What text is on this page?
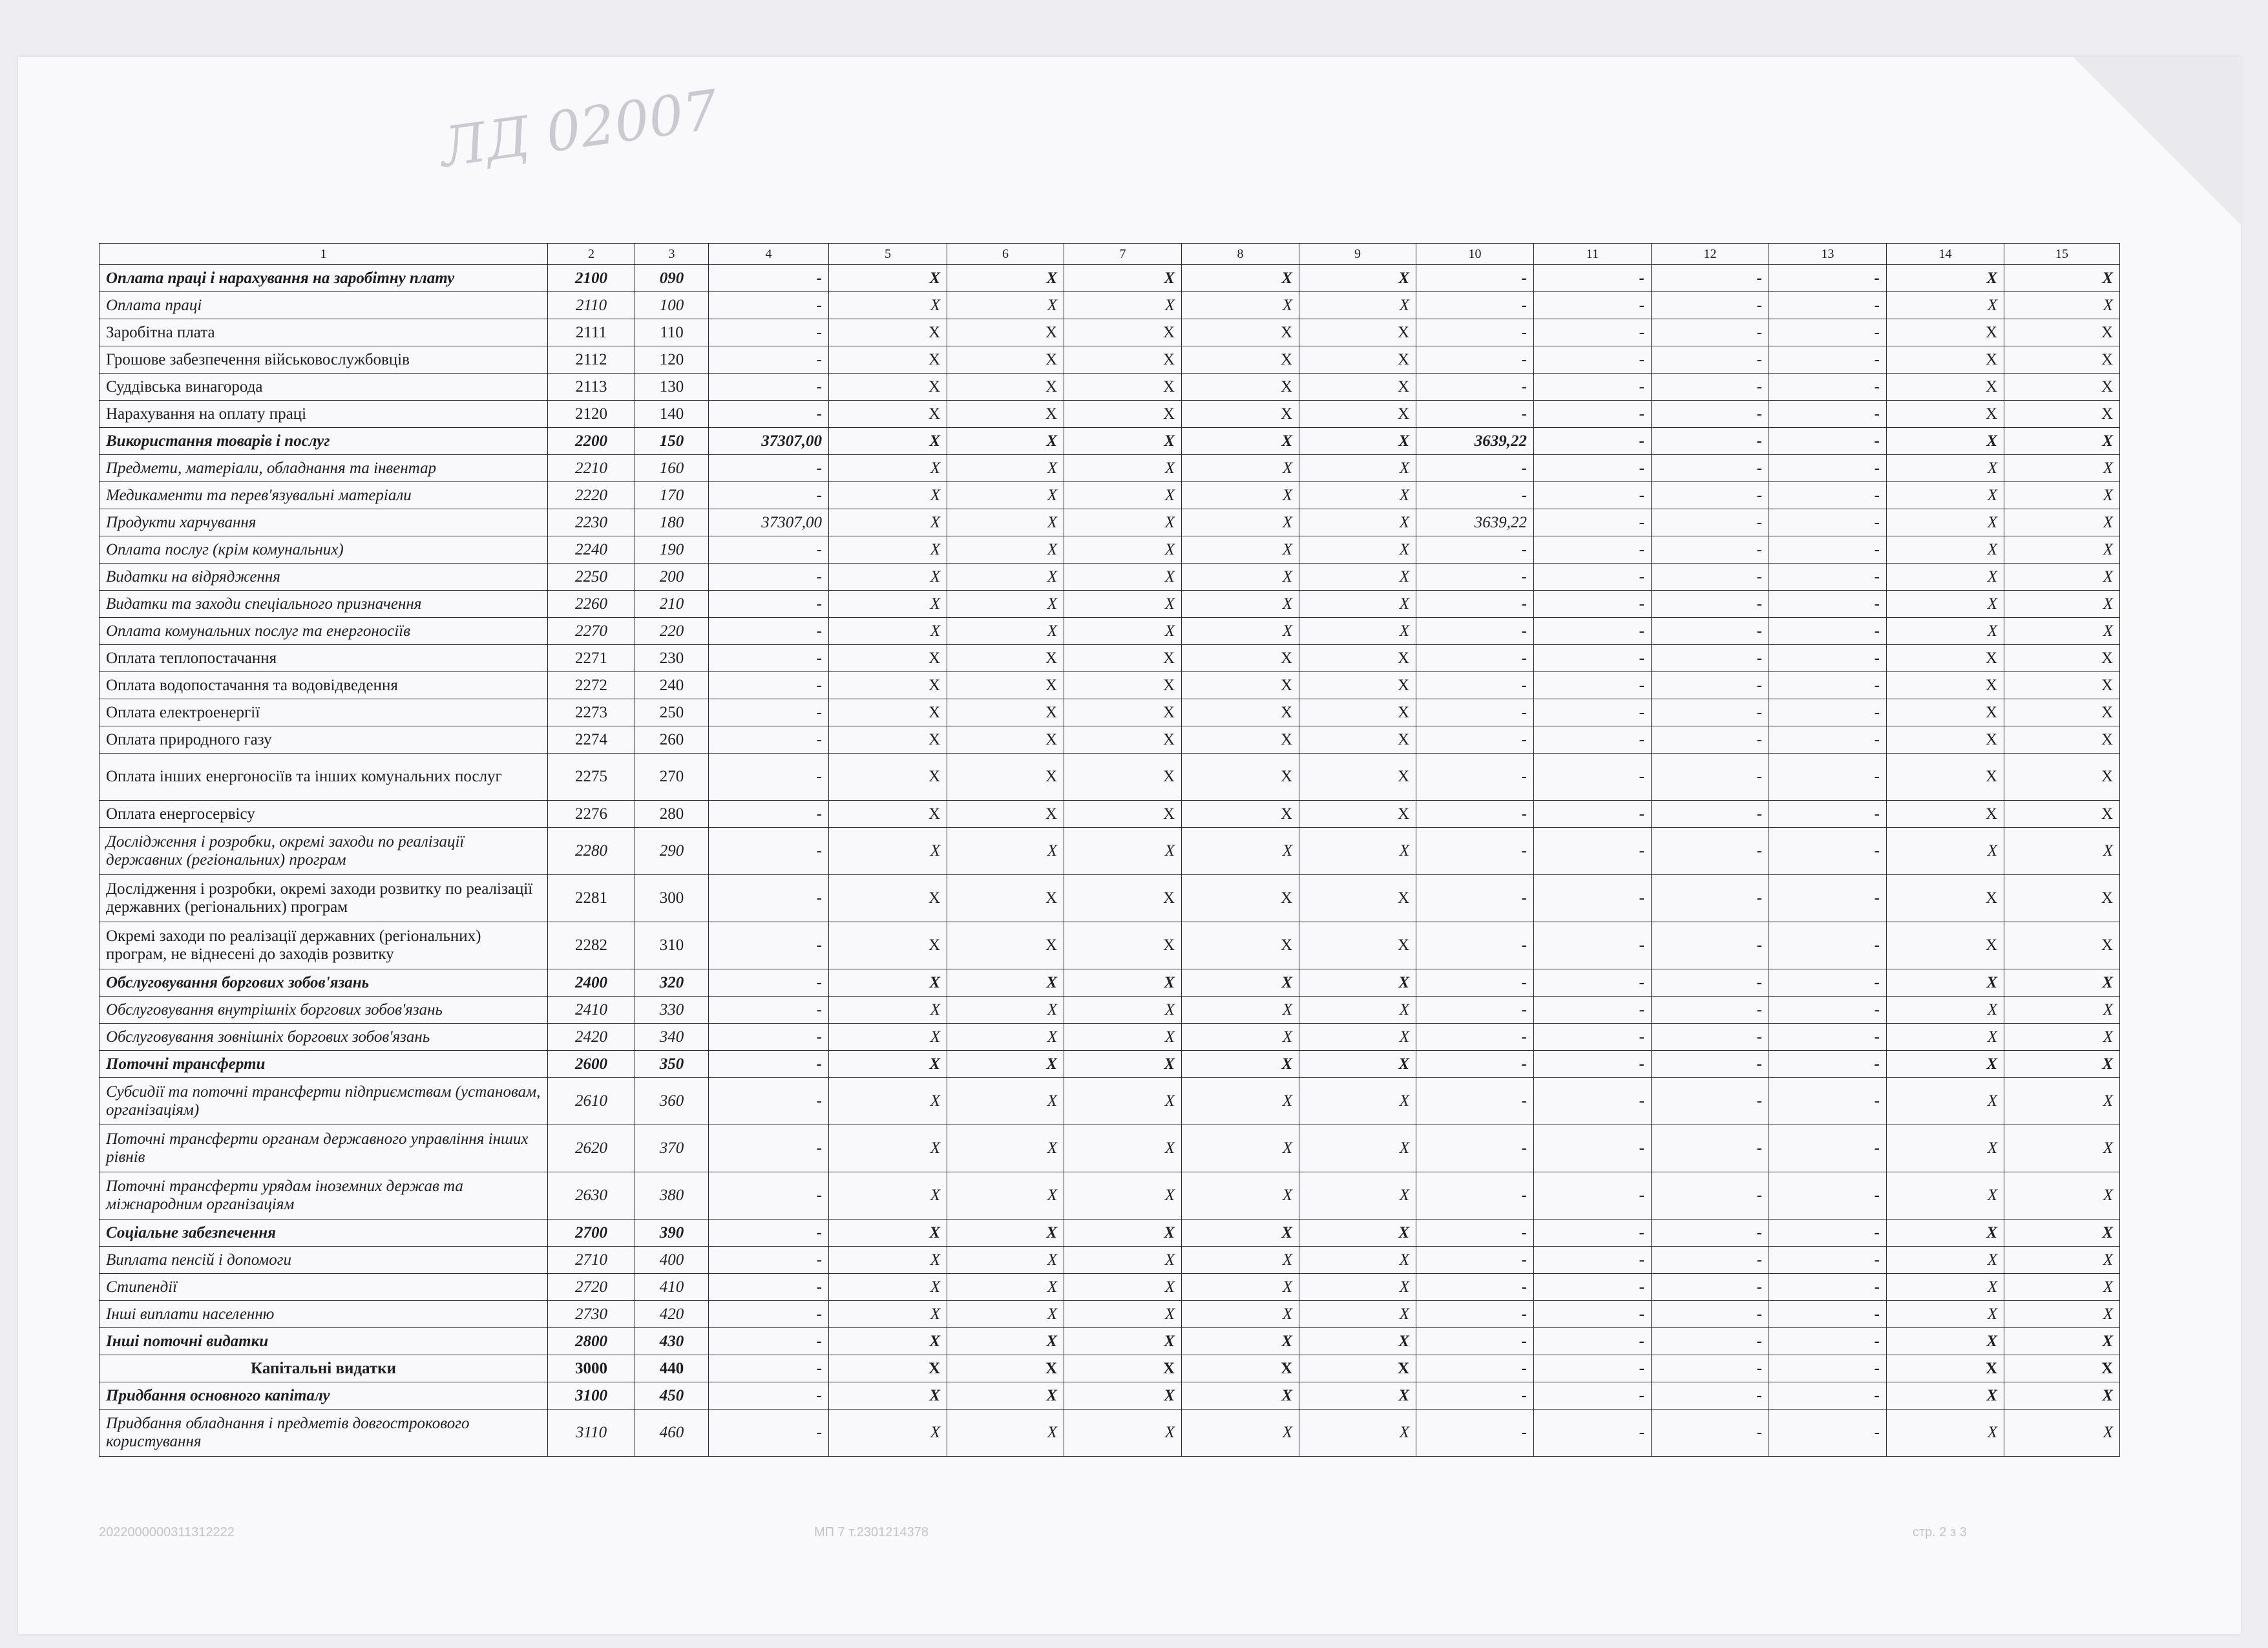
ЛД 02007
1	2	3	4	5	6	7	8	9	10	11	12	13	14	15
Оплата праці і нарахування на заробітну плату	2100	090	-	X	X	X	X	X	-	-	-	-	X	X
Оплата праці	2110	100	-	X	X	X	X	X	-	-	-	-	X	X
Заробітна плата	2111	110	-	X	X	X	X	X	-	-	-	-	X	X
Грошове забезпечення військовослужбовців	2112	120	-	X	X	X	X	X	-	-	-	-	X	X
Суддівська винагорода	2113	130	-	X	X	X	X	X	-	-	-	-	X	X
Нарахування на оплату праці	2120	140	-	X	X	X	X	X	-	-	-	-	X	X
Використання товарів і послуг	2200	150	37307,00	X	X	X	X	X	3639,22	-	-	-	X	X
Предмети, матеріали, обладнання та інвентар	2210	160	-	X	X	X	X	X	-	-	-	-	X	X
Медикаменти та перев'язувальні матеріали	2220	170	-	X	X	X	X	X	-	-	-	-	X	X
Продукти харчування	2230	180	37307,00	X	X	X	X	X	3639,22	-	-	-	X	X
Оплата послуг (крім комунальних)	2240	190	-	X	X	X	X	X	-	-	-	-	X	X
Видатки на відрядження	2250	200	-	X	X	X	X	X	-	-	-	-	X	X
Видатки та заходи спеціального призначення	2260	210	-	X	X	X	X	X	-	-	-	-	X	X
Оплата комунальних послуг та енергоносіїв	2270	220	-	X	X	X	X	X	-	-	-	-	X	X
Оплата теплопостачання	2271	230	-	X	X	X	X	X	-	-	-	-	X	X
Оплата водопостачання та водовідведення	2272	240	-	X	X	X	X	X	-	-	-	-	X	X
Оплата електроенергії	2273	250	-	X	X	X	X	X	-	-	-	-	X	X
Оплата природного газу	2274	260	-	X	X	X	X	X	-	-	-	-	X	X
Оплата інших енергоносіїв та інших комунальних послуг	2275	270	-	X	X	X	X	X	-	-	-	-	X	X
Оплата енергосервісу	2276	280	-	X	X	X	X	X	-	-	-	-	X	X
Дослідження і розробки, окремі заходи по реалізації державних (регіональних) програм	2280	290	-	X	X	X	X	X	-	-	-	-	X	X
Дослідження і розробки, окремі заходи розвитку по реалізації державних (регіональних) програм	2281	300	-	X	X	X	X	X	-	-	-	-	X	X
Окремі заходи по реалізації державних (регіональних) програм, не віднесені до заходів розвитку	2282	310	-	X	X	X	X	X	-	-	-	-	X	X
Обслуговування боргових зобов'язань	2400	320	-	X	X	X	X	X	-	-	-	-	X	X
Обслуговування внутрішніх боргових зобов'язань	2410	330	-	X	X	X	X	X	-	-	-	-	X	X
Обслуговування зовнішніх боргових зобов'язань	2420	340	-	X	X	X	X	X	-	-	-	-	X	X
Поточні трансферти	2600	350	-	X	X	X	X	X	-	-	-	-	X	X
Субсидії та поточні трансферти підприємствам (установам, організаціям)	2610	360	-	X	X	X	X	X	-	-	-	-	X	X
Поточні трансферти органам державного управління інших рівнів	2620	370	-	X	X	X	X	X	-	-	-	-	X	X
Поточні трансферти урядам іноземних держав та міжнародним організаціям	2630	380	-	X	X	X	X	X	-	-	-	-	X	X
Соціальне забезпечення	2700	390	-	X	X	X	X	X	-	-	-	-	X	X
Виплата пенсій і допомоги	2710	400	-	X	X	X	X	X	-	-	-	-	X	X
Стипендії	2720	410	-	X	X	X	X	X	-	-	-	-	X	X
Інші виплати населенню	2730	420	-	X	X	X	X	X	-	-	-	-	X	X
Інші поточні видатки	2800	430	-	X	X	X	X	X	-	-	-	-	X	X
Капітальні видатки	3000	440	-	X	X	X	X	X	-	-	-	-	X	X
Придбання основного капіталу	3100	450	-	X	X	X	X	X	-	-	-	-	X	X
Придбання обладнання і предметів довгострокового користування	3110	460	-	X	X	X	X	X	-	-	-	-	X	X
2022000000311312222	МП 7 т.2301214378	стр. 2 з 3
